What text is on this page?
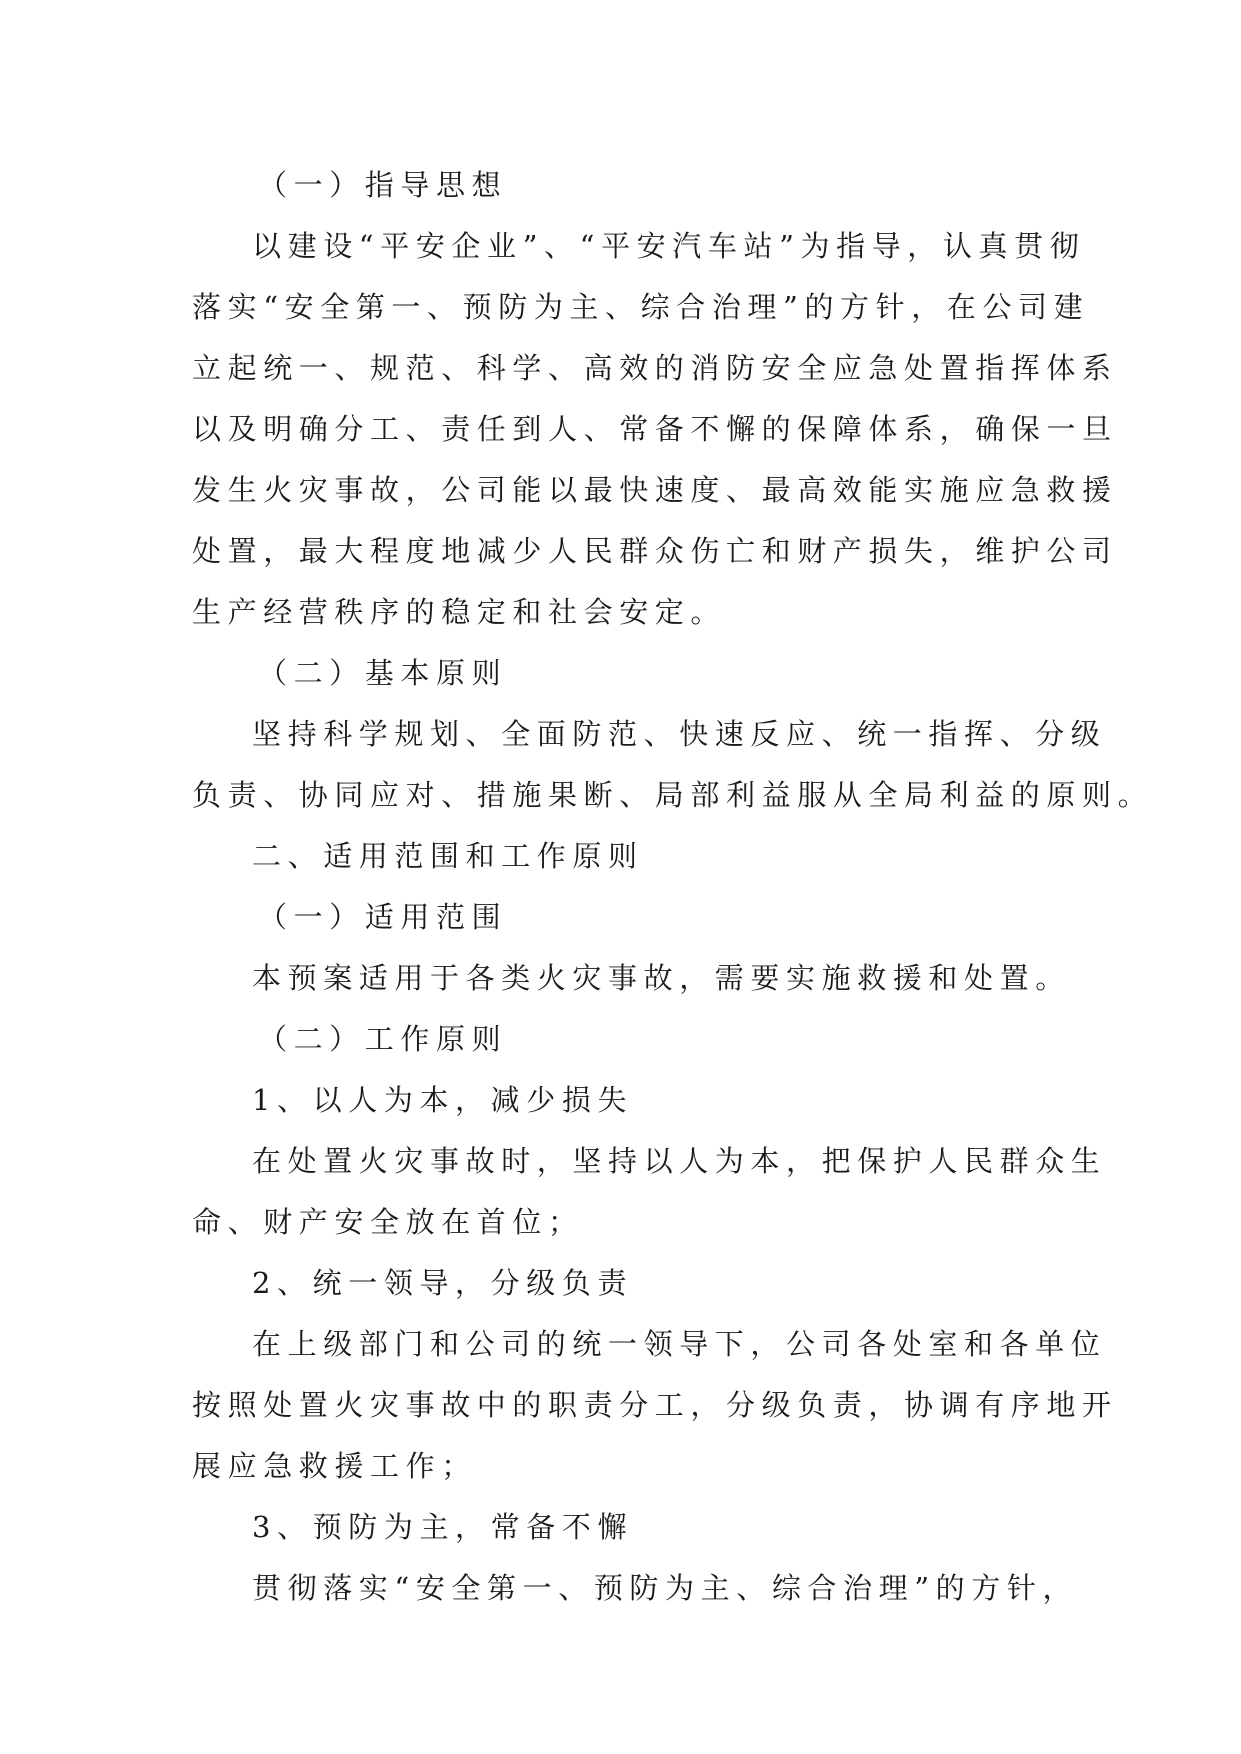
（一）指导思想
以建设“平安企业”、“平安汽车站”为指导，认真贯彻
落实“安全第一、预防为主、综合治理”的方针，在公司建
立起统一、规范、科学、高效的消防安全应急处置指挥体系
以及明确分工、责任到人、常备不懈的保障体系，确保一旦
发生火灾事故，公司能以最快速度、最高效能实施应急救援
处置，最大程度地减少人民群众伤亡和财产损失，维护公司
生产经营秩序的稳定和社会安定。
（二）基本原则
坚持科学规划、全面防范、快速反应、统一指挥、分级
负责、协同应对、措施果断、局部利益服从全局利益的原则。
二、适用范围和工作原则
（一）适用范围
本预案适用于各类火灾事故，需要实施救援和处置。
（二）工作原则
1、以人为本，减少损失
在处置火灾事故时，坚持以人为本，把保护人民群众生
命、财产安全放在首位；
2、统一领导，分级负责
在上级部门和公司的统一领导下，公司各处室和各单位
按照处置火灾事故中的职责分工，分级负责，协调有序地开
展应急救援工作；
3、预防为主，常备不懈
贯彻落实“安全第一、预防为主、综合治理”的方针，
